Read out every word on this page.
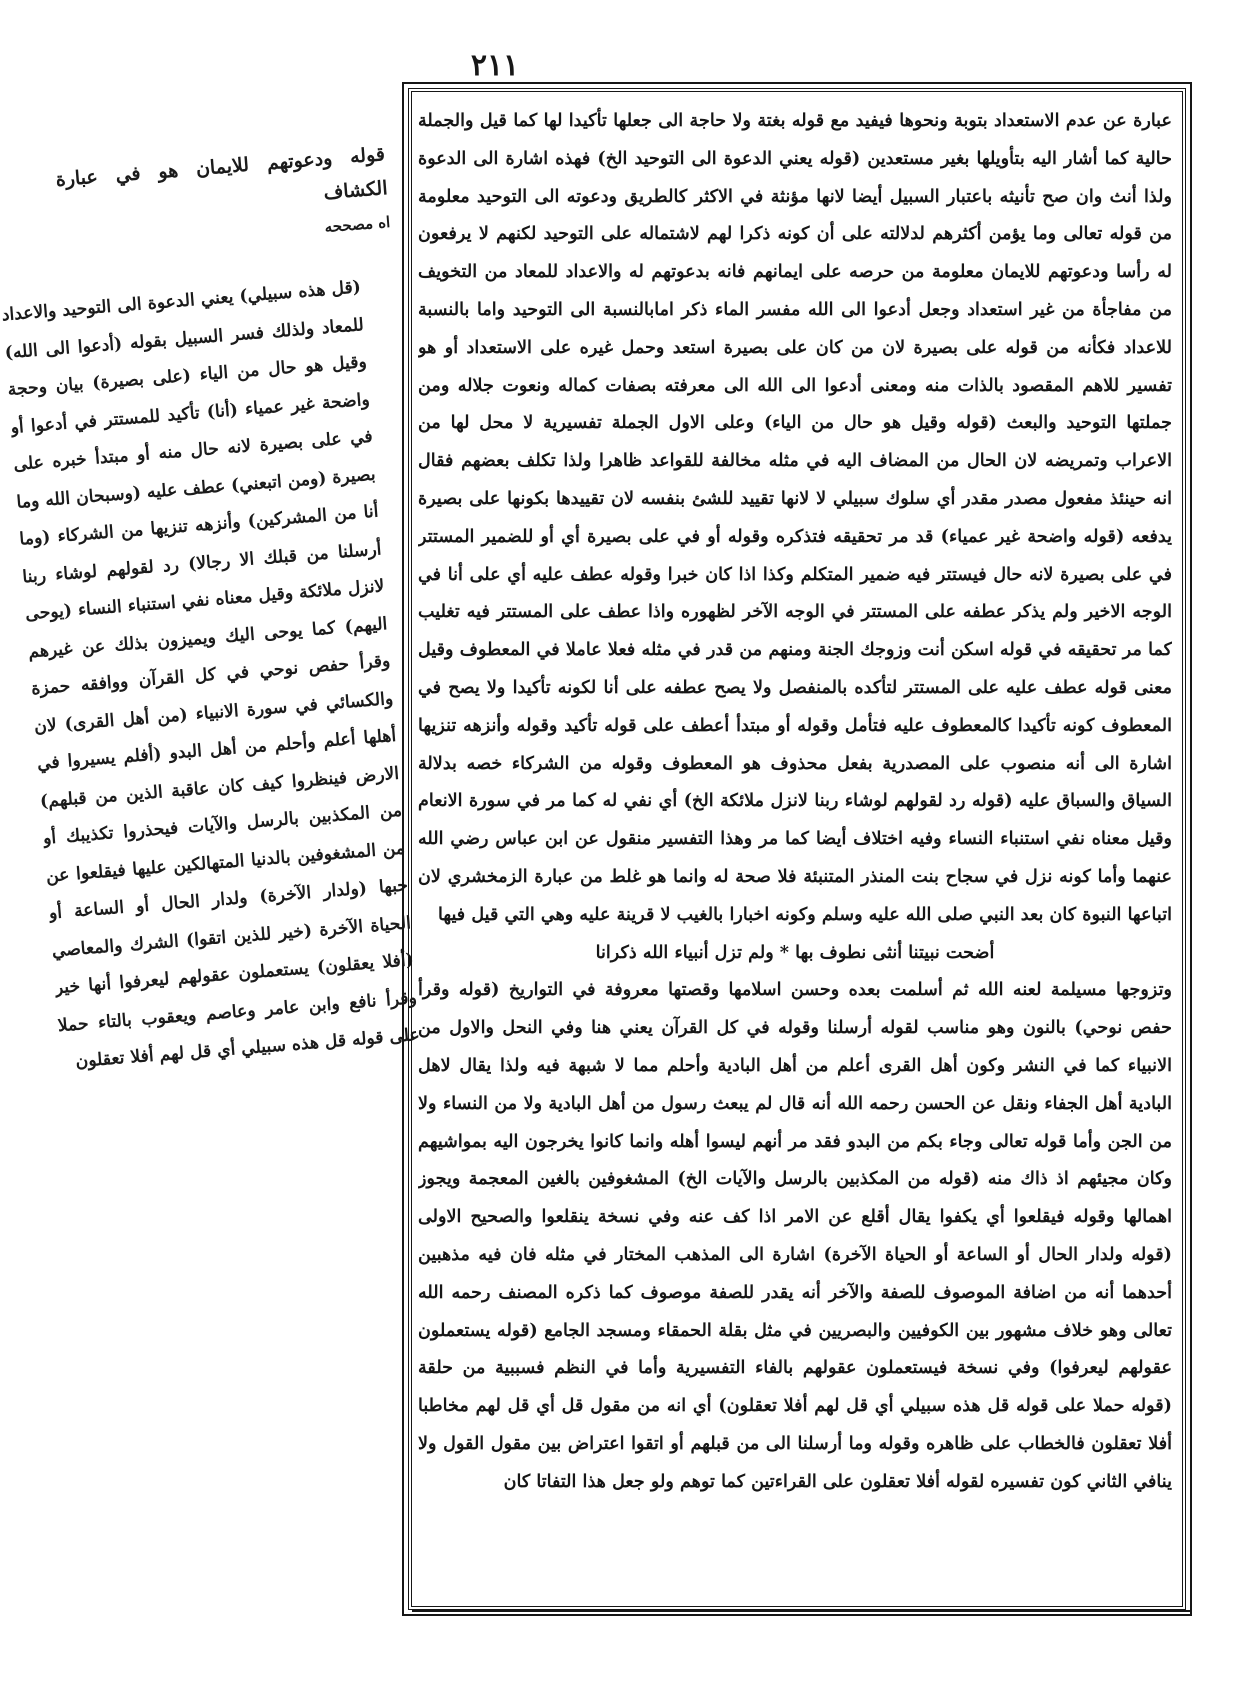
٢١١
قوله ودعوتهم للايمان هو في عبارة الكشاف
اه مصححه
(قل هذه سبيلي) يعني الدعوة الى التوحيد والاعداد للمعاد ولذلك فسر السبيل بقوله (أدعوا الى الله) وقيل هو حال من الياء (على بصيرة) بيان وحجة واضحة غير عمياء (أنا) تأكيد للمستتر في أدعوا أو في على بصيرة لانه حال منه أو مبتدأ خبره على بصيرة (ومن اتبعني) عطف عليه (وسبحان الله وما أنا من المشركين) وأنزهه تنزيها من الشركاء (وما أرسلنا من قبلك الا رجالا) رد لقولهم لوشاء ربنا لانزل ملائكة وقيل معناه نفي استنباء النساء (يوحى اليهم) كما يوحى اليك ويميزون بذلك عن غيرهم وقرأ حفص نوحي في كل القرآن ووافقه حمزة والكسائي في سورة الانبياء (من أهل القرى) لان أهلها أعلم وأحلم من أهل البدو (أفلم يسيروا في الارض فينظروا كيف كان عاقبة الذين من قبلهم) من المكذبين بالرسل والآيات فيحذروا تكذيبك أو من المشغوفين بالدنيا المتهالكين عليها فيقلعوا عن حبها (ولدار الآخرة) ولدار الحال أو الساعة أو الحياة الآخرة (خير للذين اتقوا) الشرك والمعاصي (أفلا يعقلون) يستعملون عقولهم ليعرفوا أنها خير وقرأ نافع وابن عامر وعاصم ويعقوب بالتاء حملا على قوله قل هذه سبيلي أي قل لهم أفلا تعقلون

عبارة عن عدم الاستعداد بتوبة ونحوها فيفيد مع قوله بغتة ولا حاجة الى جعلها تأكيدا لها كما قيل والجملة حالية كما أشار اليه بتأويلها بغير مستعدين (قوله يعني الدعوة الى التوحيد الخ) فهذه اشارة الى الدعوة ولذا أنث وان صح تأنيثه باعتبار السبيل أيضا لانها مؤنثة في الاكثر كالطريق ودعوته الى التوحيد معلومة من قوله تعالى وما يؤمن أكثرهم لدلالته على أن كونه ذكرا لهم لاشتماله على التوحيد لكنهم لا يرفعون له رأسا ودعوتهم للايمان معلومة من حرصه على ايمانهم فانه بدعوتهم له والاعداد للمعاد من التخويف من مفاجأة من غير استعداد وجعل أدعوا الى الله مفسر الماء ذكر امابالنسبة الى التوحيد واما بالنسبة للاعداد فكأنه من قوله على بصيرة لان من كان على بصيرة استعد وحمل غيره على الاستعداد أو هو تفسير للاهم المقصود بالذات منه ومعنى أدعوا الى الله الى معرفته بصفات كماله ونعوت جلاله ومن جملتها التوحيد والبعث (قوله وقيل هو حال من الياء) وعلى الاول الجملة تفسيرية لا محل لها من الاعراب وتمريضه لان الحال من المضاف اليه في مثله مخالفة للقواعد ظاهرا ولذا تكلف بعضهم فقال انه حينئذ مفعول مصدر مقدر أي سلوك سبيلي لا لانها تقييد للشئ بنفسه لان تقييدها بكونها على بصيرة يدفعه (قوله واضحة غير عمياء) قد مر تحقيقه فتذكره وقوله أو في على بصيرة أي أو للضمير المستتر في على بصيرة لانه حال فيستتر فيه ضمير المتكلم وكذا اذا كان خبرا وقوله عطف عليه أي على أنا في الوجه الاخير ولم يذكر عطفه على المستتر في الوجه الآخر لظهوره واذا عطف على المستتر فيه تغليب كما مر تحقيقه في قوله اسكن أنت وزوجك الجنة ومنهم من قدر في مثله فعلا عاملا في المعطوف وقيل معنى قوله عطف عليه على المستتر لتأكده بالمنفصل ولا يصح عطفه على أنا لكونه تأكيدا ولا يصح في المعطوف كونه تأكيدا كالمعطوف عليه فتأمل وقوله أو مبتدأ أعطف على قوله تأكيد وقوله وأنزهه تنزيها اشارة الى أنه منصوب على المصدرية بفعل محذوف هو المعطوف وقوله من الشركاء خصه بدلالة السياق والسباق عليه (قوله رد لقولهم لوشاء ربنا لانزل ملائكة الخ) أي نفي له كما مر في سورة الانعام وقيل معناه نفي استنباء النساء وفيه اختلاف أيضا كما مر وهذا التفسير منقول عن ابن عباس رضي الله عنهما وأما كونه نزل في سجاح بنت المنذر المتنبئة فلا صحة له وانما هو غلط من عبارة الزمخشري لان اتباعها النبوة كان بعد النبي صلى الله عليه وسلم وكونه اخبارا بالغيب لا قرينة عليه وهي التي قيل فيها

أضحت نبيتنا أنثى نطوف بها * ولم تزل أنبياء الله ذكرانا

وتزوجها مسيلمة لعنه الله ثم أسلمت بعده وحسن اسلامها وقصتها معروفة في التواريخ (قوله وقرأ حفص نوحي) بالنون وهو مناسب لقوله أرسلنا وقوله في كل القرآن يعني هنا وفي النحل والاول من الانبياء كما في النشر وكون أهل القرى أعلم من أهل البادية وأحلم مما لا شبهة فيه ولذا يقال لاهل البادية أهل الجفاء ونقل عن الحسن رحمه الله أنه قال لم يبعث رسول من أهل البادية ولا من النساء ولا من الجن وأما قوله تعالى وجاء بكم من البدو فقد مر أنهم ليسوا أهله وانما كانوا يخرجون اليه بمواشيهم وكان مجيئهم اذ ذاك منه (قوله من المكذبين بالرسل والآيات الخ) المشغوفين بالغين المعجمة ويجوز اهمالها وقوله فيقلعوا أي يكفوا يقال أقلع عن الامر اذا كف عنه وفي نسخة ينقلعوا والصحيح الاولى (قوله ولدار الحال أو الساعة أو الحياة الآخرة) اشارة الى المذهب المختار في مثله فان فيه مذهبين أحدهما أنه من اضافة الموصوف للصفة والآخر أنه يقدر للصفة موصوف كما ذكره المصنف رحمه الله تعالى وهو خلاف مشهور بين الكوفيين والبصريين في مثل بقلة الحمقاء ومسجد الجامع (قوله يستعملون عقولهم ليعرفوا) وفي نسخة فيستعملون عقولهم بالفاء التفسيرية وأما في النظم فسببية من حلقة (قوله حملا على قوله قل هذه سبيلي أي قل لهم أفلا تعقلون) أي انه من مقول قل أي قل لهم مخاطبا أفلا تعقلون فالخطاب على ظاهره وقوله وما أرسلنا الى من قبلهم أو اتقوا اعتراض بين مقول القول ولا ينافي الثاني كون تفسيره لقوله أفلا تعقلون على القراءتين كما توهم ولو جعل هذا التفاتا كان
